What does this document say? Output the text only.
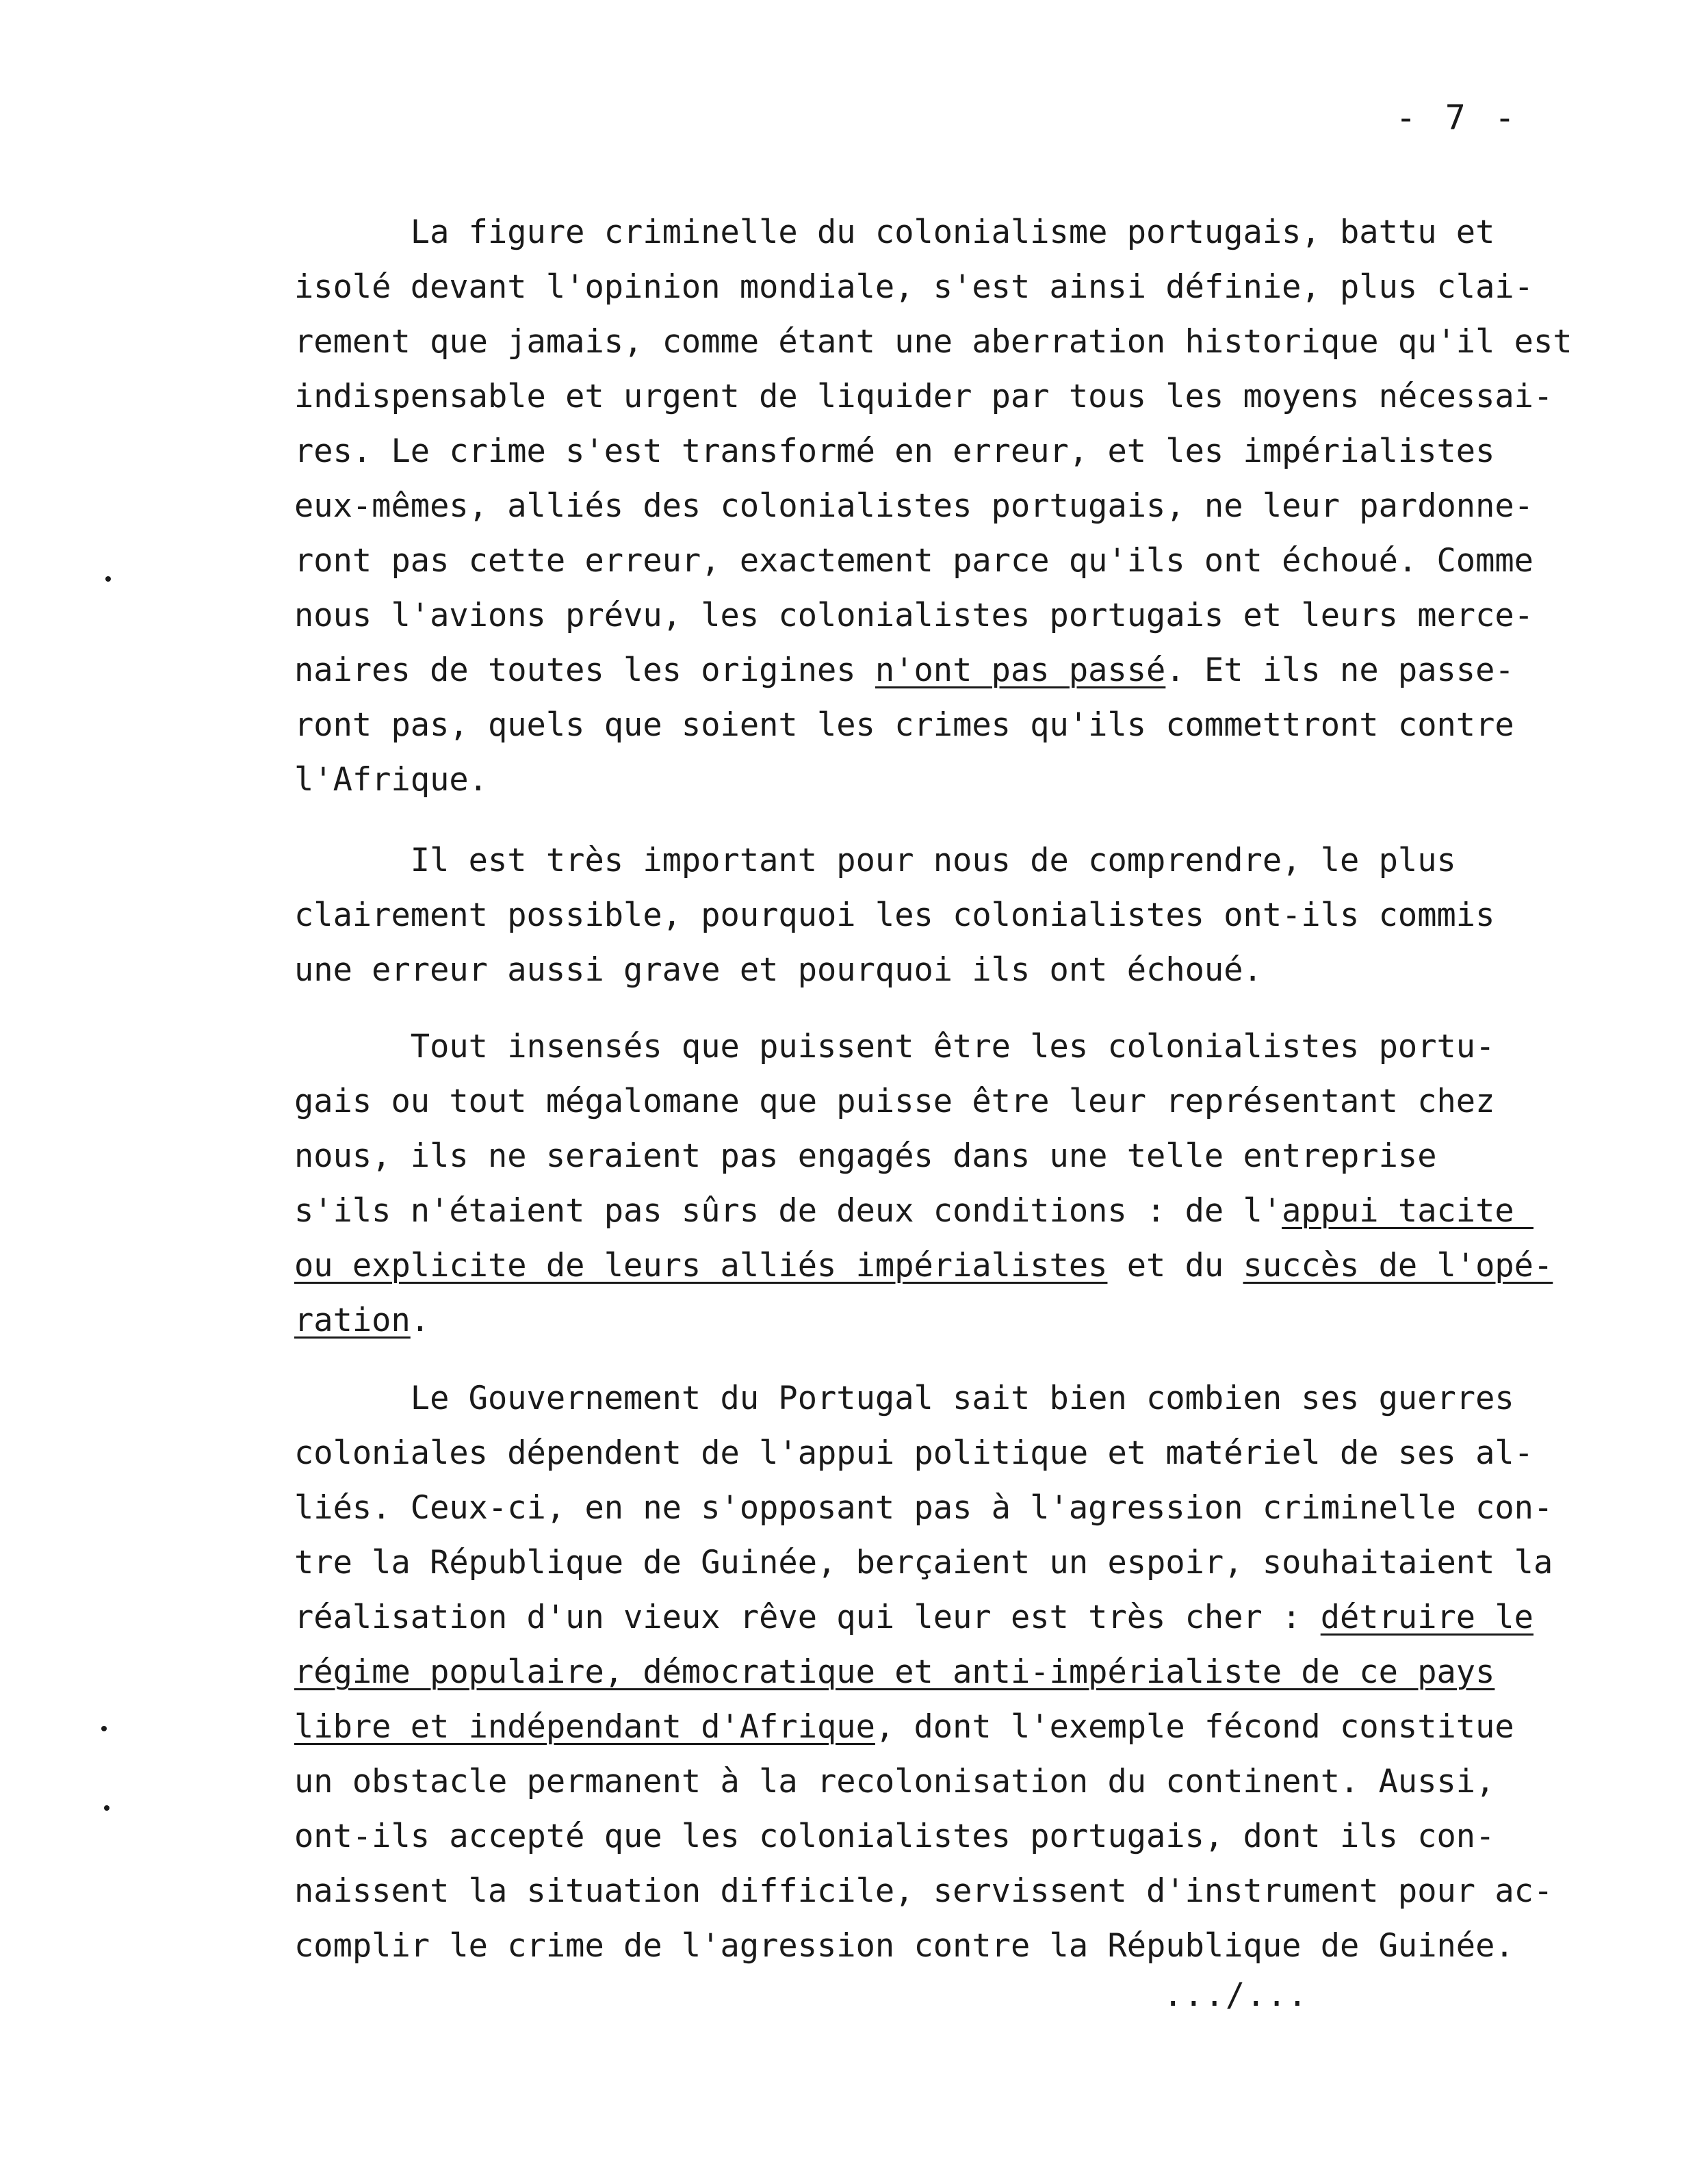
- 7 -

La figure criminelle du colonialisme portugais, battu et

isolé devant l'opinion mondiale, s'est ainsi définie, plus clai-

rement que jamais, comme étant une aberration historique qu'il est

indispensable et urgent de liquider par tous les moyens nécessai-

res. Le crime s'est transformé en erreur, et les impérialistes

eux-mêmes, alliés des colonialistes portugais, ne leur pardonne-

ront pas cette erreur, exactement parce qu'ils ont échoué. Comme

nous l'avions prévu, les colonialistes portugais et leurs merce-

naires de toutes les origines n'ont pas passé. Et ils ne passe-

ront pas, quels que soient les crimes qu'ils commettront contre

l'Afrique.

Il est très important pour nous de comprendre, le plus

clairement possible, pourquoi les colonialistes ont-ils commis

une erreur aussi grave et pourquoi ils ont échoué.

Tout insensés que puissent être les colonialistes portu-

gais ou tout mégalomane que puisse être leur représentant chez

nous, ils ne seraient pas engagés dans une telle entreprise

s'ils n'étaient pas sûrs de deux conditions : de l'appui tacite

ou explicite de leurs alliés impérialistes et du succès de l'opé-

ration.

Le Gouvernement du Portugal sait bien combien ses guerres

coloniales dépendent de l'appui politique et matériel de ses al-

liés. Ceux-ci, en ne s'opposant pas à l'agression criminelle con-

tre la République de Guinée, berçaient un espoir, souhaitaient la

réalisation d'un vieux rêve qui leur est très cher : détruire le

régime populaire, démocratique et anti-impérialiste de ce pays

libre et indépendant d'Afrique, dont l'exemple fécond constitue

un obstacle permanent à la recolonisation du continent. Aussi,

ont-ils accepté que les colonialistes portugais, dont ils con-

naissent la situation difficile, servissent d'instrument pour ac-

complir le crime de l'agression contre la République de Guinée.

.../...
